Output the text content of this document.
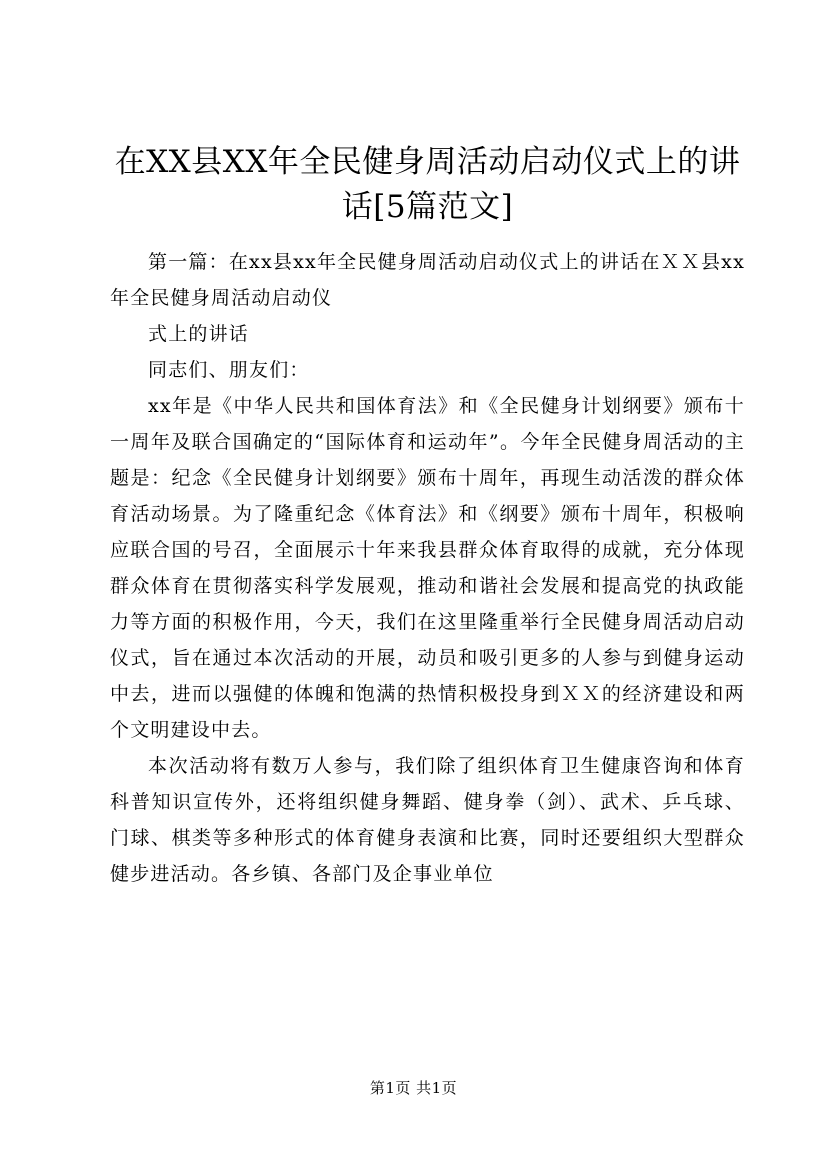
在XX县XX年全民健身周活动启动仪式上的讲
话[5篇范文]

第一篇：在xx县xx年全民健身周活动启动仪式上的讲话在ＸＸ县xx年全民健身周活动启动仪

式上的讲话

同志们、朋友们：

xx年是《中华人民共和国体育法》和《全民健身计划纲要》颁布十一周年及联合国确定的“国际体育和运动年”。今年全民健身周活动的主题是：纪念《全民健身计划纲要》颁布十周年，再现生动活泼的群众体育活动场景。为了隆重纪念《体育法》和《纲要》颁布十周年，积极响应联合国的号召，全面展示十年来我县群众体育取得的成就，充分体现群众体育在贯彻落实科学发展观，推动和谐社会发展和提高党的执政能力等方面的积极作用，今天，我们在这里隆重举行全民健身周活动启动仪式，旨在通过本次活动的开展，动员和吸引更多的人参与到健身运动中去，进而以强健的体魄和饱满的热情积极投身到ＸＸ的经济建设和两个文明建设中去。

本次活动将有数万人参与，我们除了组织体育卫生健康咨询和体育科普知识宣传外，还将组织健身舞蹈、健身拳（剑）、武术、乒乓球、门球、棋类等多种形式的体育健身表演和比赛，同时还要组织大型群众健步进活动。各乡镇、各部门及企事业单位

第1页 共1页
